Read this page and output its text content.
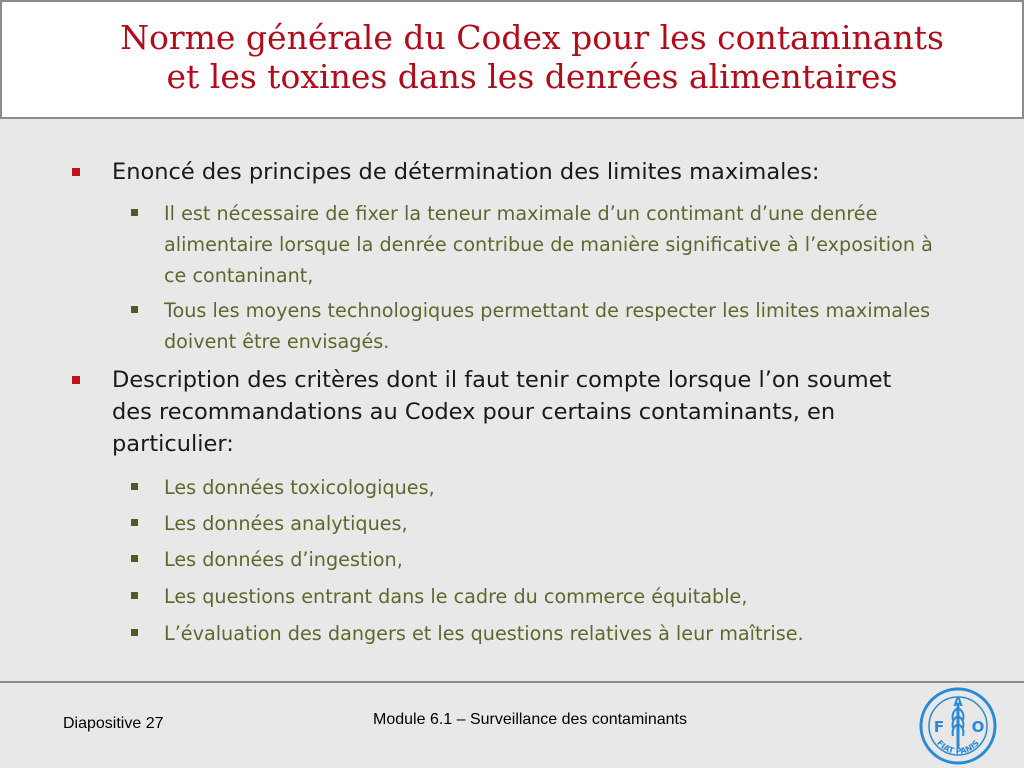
Norme générale du Codex pour les contaminants
et les toxines dans les denrées alimentaires
Enoncé des principes de détermination des limites maximales:
Il est nécessaire de fixer la teneur maximale d’un contimant d’une denrée alimentaire lorsque la denrée contribue de manière significative à l’exposition à ce contaninant,
Tous les moyens technologiques permettant de respecter les limites maximales doivent être envisagés.
Description des critères dont il faut tenir compte lorsque l’on soumet des recommandations au Codex pour certains contaminants, en particulier:
Les données toxicologiques,
Les données analytiques,
Les données d’ingestion,
Les questions entrant dans le cadre du commerce équitable,
L’évaluation des dangers et les questions relatives à leur maîtrise.
Diapositive 27	Module 6.1 – Surveillance des contaminants	F
A
O
FIAT PANIS
